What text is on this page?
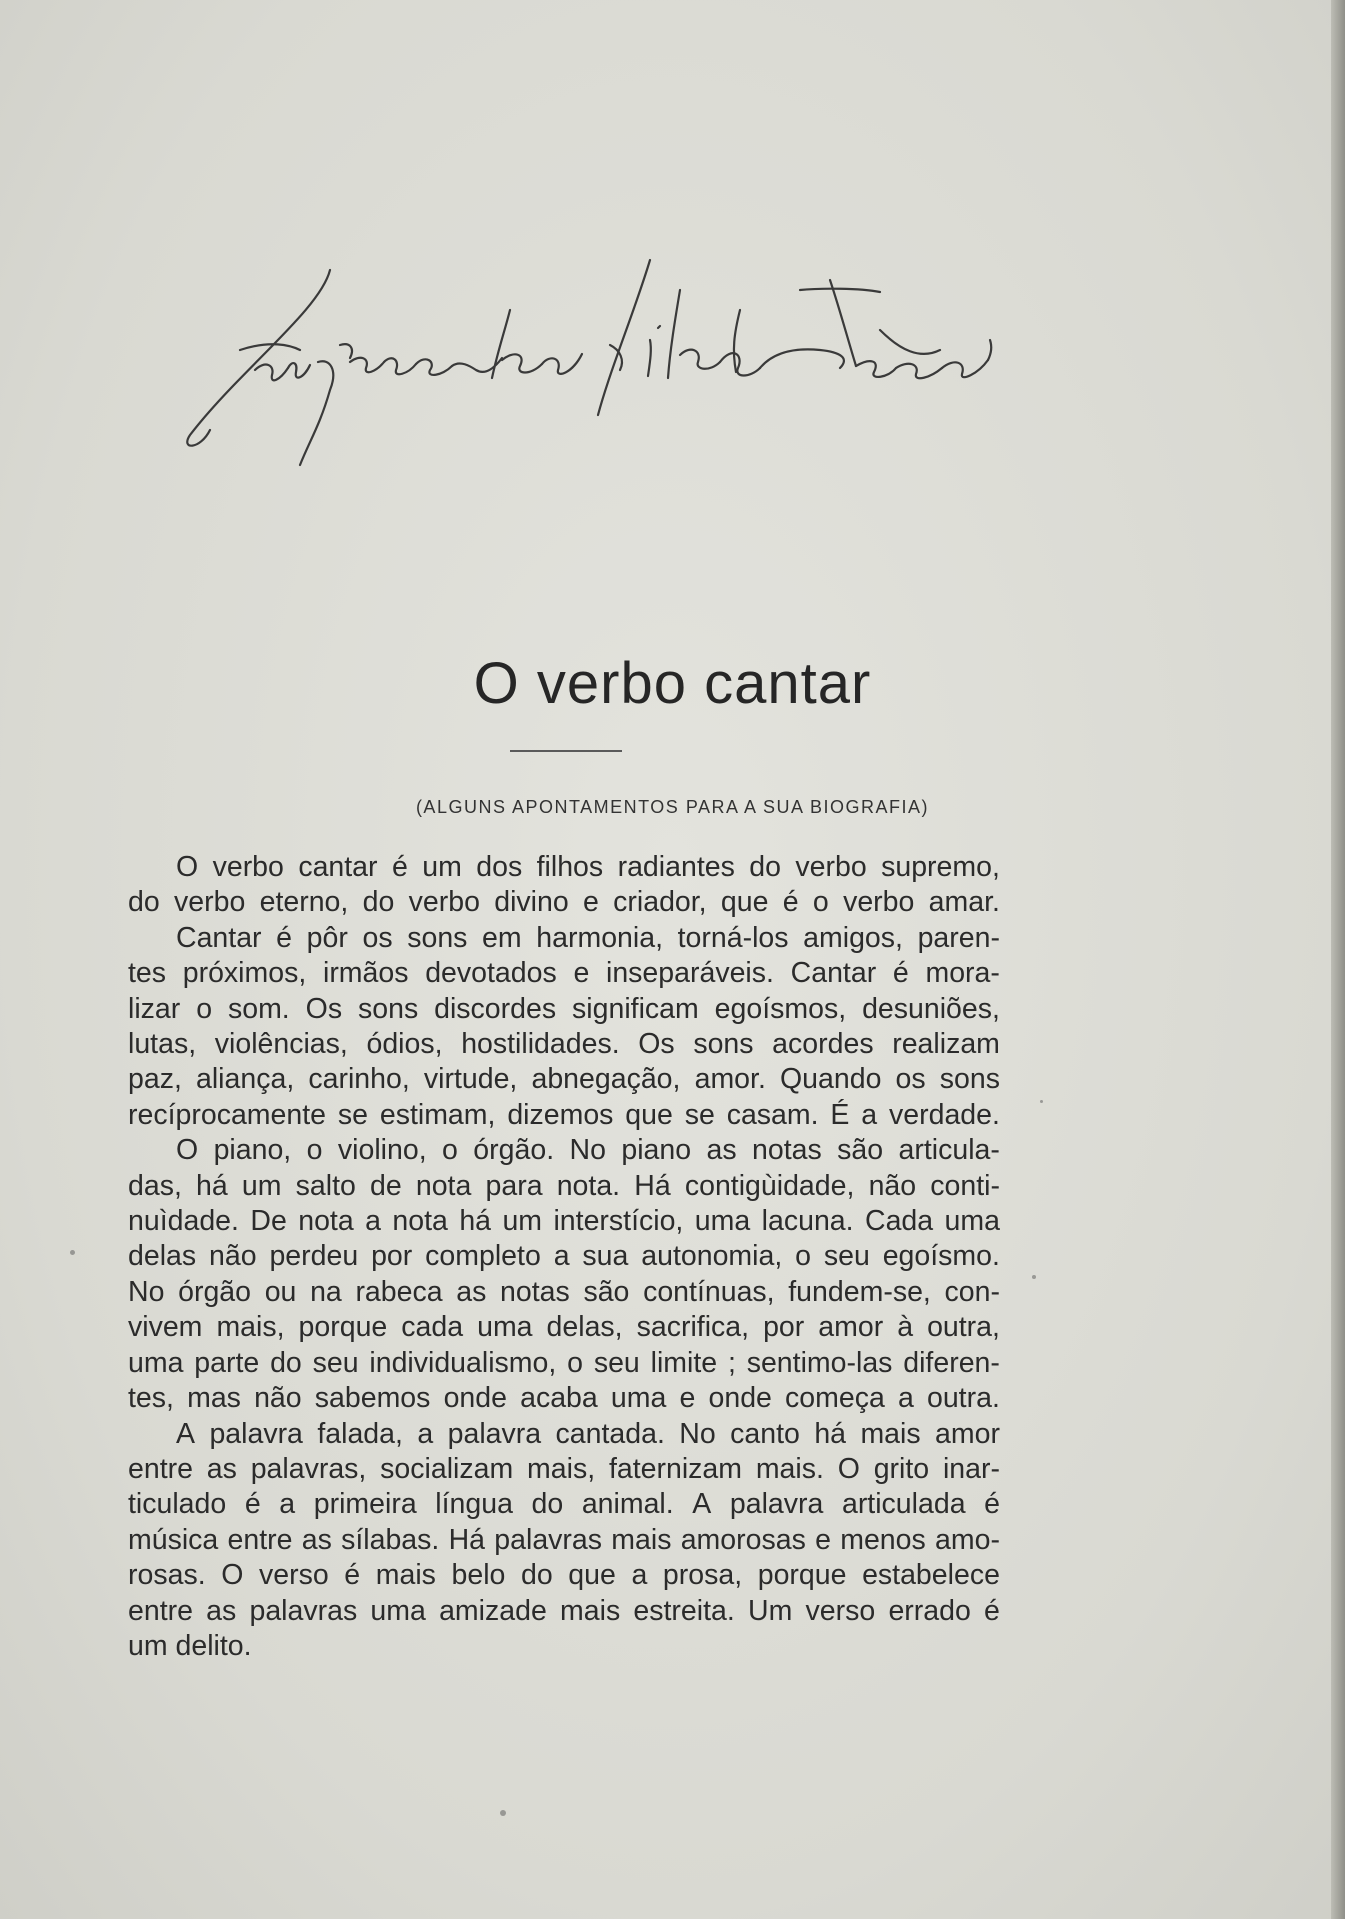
O verbo cantar
(ALGUNS APONTAMENTOS PARA A SUA BIOGRAFIA)
O verbo cantar é um dos filhos radiantes do verbo supremo,
do verbo eterno, do verbo divino e criador, que é o verbo amar.
Cantar é pôr os sons em harmonia, torná-los amigos, paren-
tes próximos, irmãos devotados e inseparáveis. Cantar é mora-
lizar o som. Os sons discordes significam egoísmos, desuniões,
lutas, violências, ódios, hostilidades. Os sons acordes realizam
paz, aliança, carinho, virtude, abnegação, amor. Quando os sons
recíprocamente se estimam, dizemos que se casam. É a verdade.
O piano, o violino, o órgão. No piano as notas são articula-
das, há um salto de nota para nota. Há contigùidade, não conti-
nuìdade. De nota a nota há um interstício, uma lacuna. Cada uma
delas não perdeu por completo a sua autonomia, o seu egoísmo.
No órgão ou na rabeca as notas são contínuas, fundem-se, con-
vivem mais, porque cada uma delas, sacrifica, por amor à outra,
uma parte do seu individualismo, o seu limite ; sentimo-las diferen-
tes, mas não sabemos onde acaba uma e onde começa a outra.
A palavra falada, a palavra cantada. No canto há mais amor
entre as palavras, socializam mais, faternizam mais. O grito inar-
ticulado é a primeira língua do animal. A palavra articulada é
música entre as sílabas. Há palavras mais amorosas e menos amo-
rosas. O verso é mais belo do que a prosa, porque estabelece
entre as palavras uma amizade mais estreita. Um verso errado é
um delito.
